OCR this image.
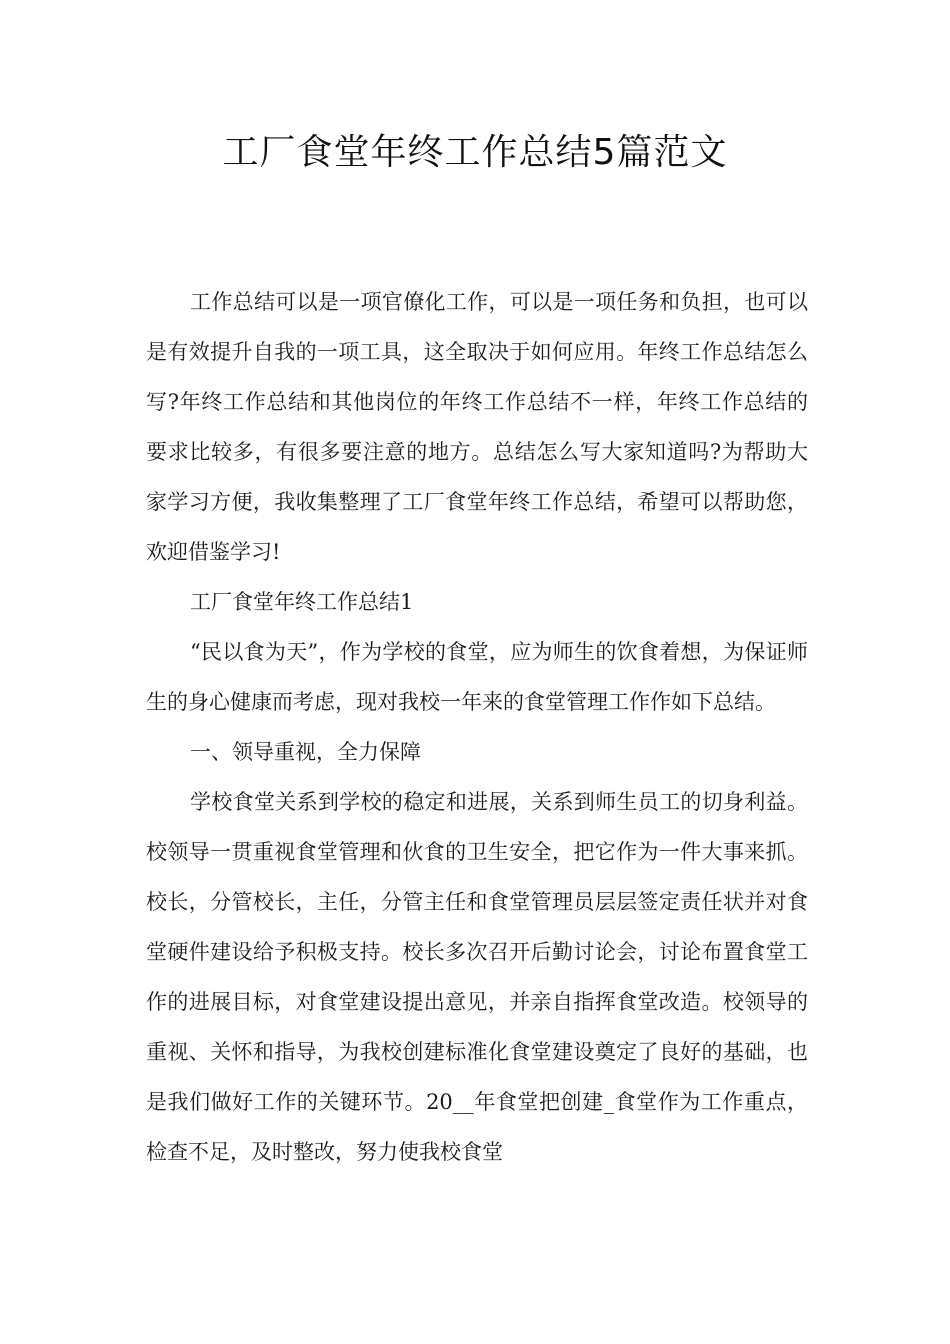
工厂食堂年终工作总结5篇范文

工作总结可以是一项官僚化工作，可以是一项任务和负担，也可以是有效提升自我的一项工具，这全取决于如何应用。年终工作总结怎么写?年终工作总结和其他岗位的年终工作总结不一样，年终工作总结的要求比较多，有很多要注意的地方。总结怎么写大家知道吗?为帮助大家学习方便，我收集整理了工厂食堂年终工作总结，希望可以帮助您，欢迎借鉴学习!

工厂食堂年终工作总结1

“民以食为天”，作为学校的食堂，应为师生的饮食着想，为保证师生的身心健康而考虑，现对我校一年来的食堂管理工作作如下总结。

一、领导重视，全力保障

学校食堂关系到学校的稳定和进展，关系到师生员工的切身利益。校领导一贯重视食堂管理和伙食的卫生安全，把它作为一件大事来抓。校长，分管校长，主任，分管主任和食堂管理员层层签定责任状并对食堂硬件建设给予积极支持。校长多次召开后勤讨论会，讨论布置食堂工作的进展目标，对食堂建设提出意见，并亲自指挥食堂改造。校领导的重视、关怀和指导，为我校创建标准化食堂建设奠定了良好的基础，也是我们做好工作的关键环节。20__年食堂把创建_食堂作为工作重点，检查不足，及时整改，努力使我校食堂
